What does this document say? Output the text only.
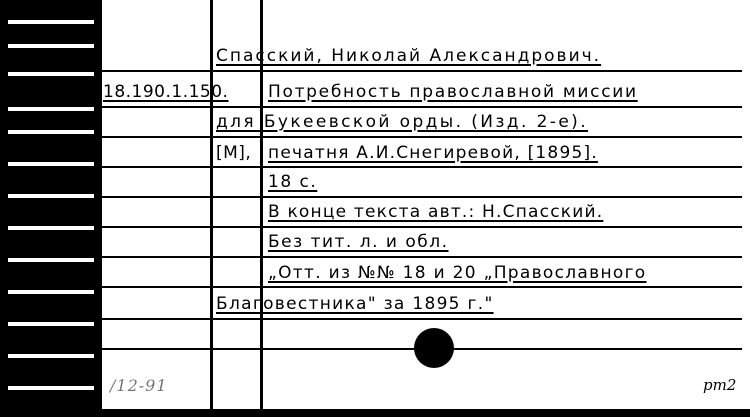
18.190.1.150.
Спасский, Николай Александрович.
Потребность православной миссии
для Букеевской орды. (Изд. 2-е).
[M], печатня А.И.Снегиревой, [1895].
18 с.
В конце текста авт.: Н.Спасский.
Без тит. л. и обл.
„Отт. из №№ 18 и 20 „Православного
Благовестника" за 1895 г."
/12-91	pm2
